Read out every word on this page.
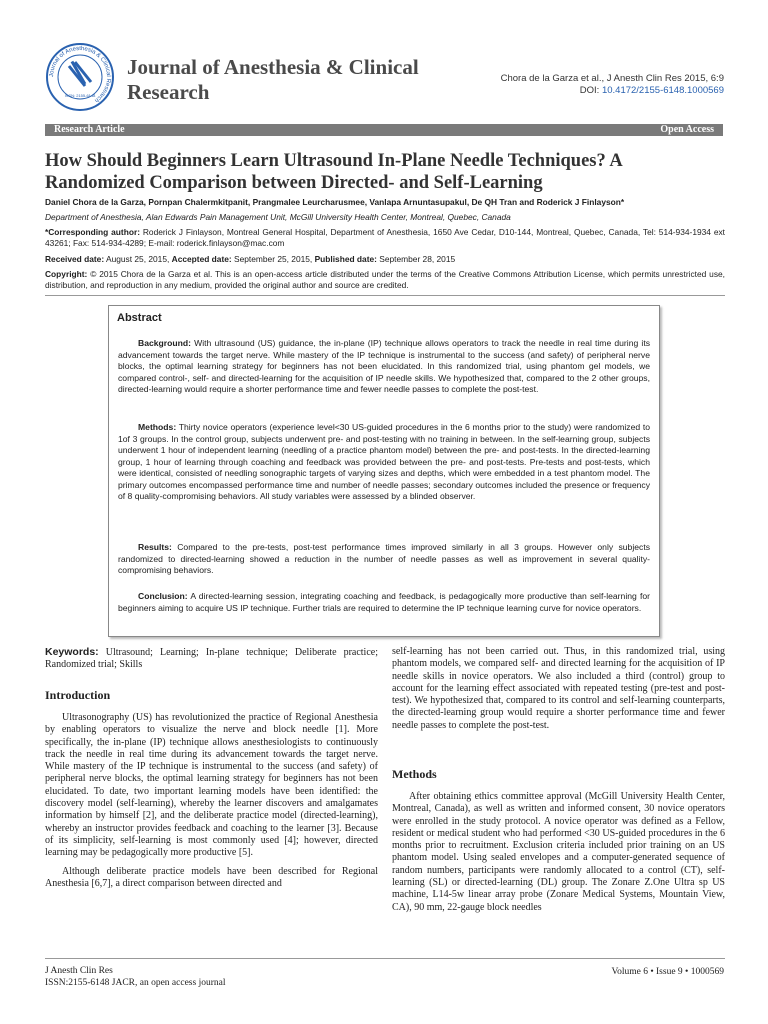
Journal of Anesthesia & Clinical Research
ISSN: 2155-6148
Journal of Anesthesia & Clinical
Research
Chora de la Garza et al., J Anesth Clin Res 2015, 6:9
DOI: 10.4172/2155-6148.1000569
Research Article	Open Access
How Should Beginners Learn Ultrasound In-Plane Needle Techniques? A Randomized Comparison between Directed- and Self-Learning
Daniel Chora de la Garza, Pornpan Chalermkitpanit, Prangmalee Leurcharusmee, Vanlapa Arnuntasupakul, De QH Tran and Roderick J Finlayson*
Department of Anesthesia, Alan Edwards Pain Management Unit, McGill University Health Center, Montreal, Quebec, Canada
*Corresponding author: Roderick J Finlayson, Montreal General Hospital, Department of Anesthesia, 1650 Ave Cedar, D10-144, Montreal, Quebec, Canada, Tel: 514-934-1934 ext 43261; Fax: 514-934-4289; E-mail: roderick.finlayson@mac.com
Received date: August 25, 2015, Accepted date: September 25, 2015, Published date: September 28, 2015
Copyright: © 2015 Chora de la Garza et al. This is an open-access article distributed under the terms of the Creative Commons Attribution License, which permits unrestricted use, distribution, and reproduction in any medium, provided the original author and source are credited.
Abstract

Background: With ultrasound (US) guidance, the in-plane (IP) technique allows operators to track the needle in real time during its advancement towards the target nerve. While mastery of the IP technique is instrumental to the success (and safety) of peripheral nerve blocks, the optimal learning strategy for beginners has not been elucidated. In this randomized trial, using phantom gel models, we compared control-, self- and directed-learning for the acquisition of IP needle skills. We hypothesized that, compared to the 2 other groups, directed-learning would require a shorter performance time and fewer needle passes to complete the post-test.

Methods: Thirty novice operators (experience level<30 US-guided procedures in the 6 months prior to the study) were randomized to 1of 3 groups. In the control group, subjects underwent pre- and post-testing with no training in between. In the self-learning group, subjects underwent 1 hour of independent learning (needling of a practice phantom model) between the pre- and post-tests. In the directed-learning group, 1 hour of learning through coaching and feedback was provided between the pre- and post-tests. Pre-tests and post-tests, which were identical, consisted of needling sonographic targets of varying sizes and depths, which were embedded in a test phantom model. The primary outcomes encompassed performance time and number of needle passes; secondary outcomes included the presence or frequency of 8 quality-compromising behaviors. All study variables were assessed by a blinded observer.

Results: Compared to the pre-tests, post-test performance times improved similarly in all 3 groups. However only subjects randomized to directed-learning showed a reduction in the number of needle passes as well as improvement in several quality-compromising behaviors.

Conclusion: A directed-learning session, integrating coaching and feedback, is pedagogically more productive than self-learning for beginners aiming to acquire US IP technique. Further trials are required to determine the IP technique learning curve for novice operators.

Keywords: Ultrasound; Learning; In-plane technique; Deliberate practice; Randomized trial; Skills
Introduction

Ultrasonography (US) has revolutionized the practice of Regional Anesthesia by enabling operators to visualize the nerve and block needle [1]. More specifically, the in-plane (IP) technique allows anesthesiologists to continuously track the needle in real time during its advancement towards the target nerve. While mastery of the IP technique is instrumental to the success (and safety) of peripheral nerve blocks, the optimal learning strategy for beginners has not been elucidated. To date, two important learning models have been identified: the discovery model (self-learning), whereby the learner discovers and amalgamates information by himself [2], and the deliberate practice model (directed-learning), whereby an instructor provides feedback and coaching to the learner [3]. Because of its simplicity, self-learning is most commonly used [4]; however, directed learning may be pedagogically more productive [5].

Although deliberate practice models have been described for Regional Anesthesia [6,7], a direct comparison between directed and

self-learning has not been carried out. Thus, in this randomized trial, using phantom models, we compared self- and directed learning for the acquisition of IP needle skills in novice operators. We also included a third (control) group to account for the learning effect associated with repeated testing (pre-test and post-test). We hypothesized that, compared to its control and self-learning counterparts, the directed-learning group would require a shorter performance time and fewer needle passes to complete the post-test.

Methods

After obtaining ethics committee approval (McGill University Health Center, Montreal, Canada), as well as written and informed consent, 30 novice operators were enrolled in the study protocol. A novice operator was defined as a Fellow, resident or medical student who had performed <30 US-guided procedures in the 6 months prior to recruitment. Exclusion criteria included prior training on an US phantom model. Using sealed envelopes and a computer-generated sequence of random numbers, participants were randomly allocated to a control (CT), self-learning (SL) or directed-learning (DL) group. The Zonare Z.One Ultra sp US machine, L14-5w linear array probe (Zonare Medical Systems, Mountain View, CA), 90 mm, 22-gauge block needles

J Anesth Clin Res
ISSN:2155-6148 JACR, an open access journal
Volume 6 • Issue 9 • 1000569
